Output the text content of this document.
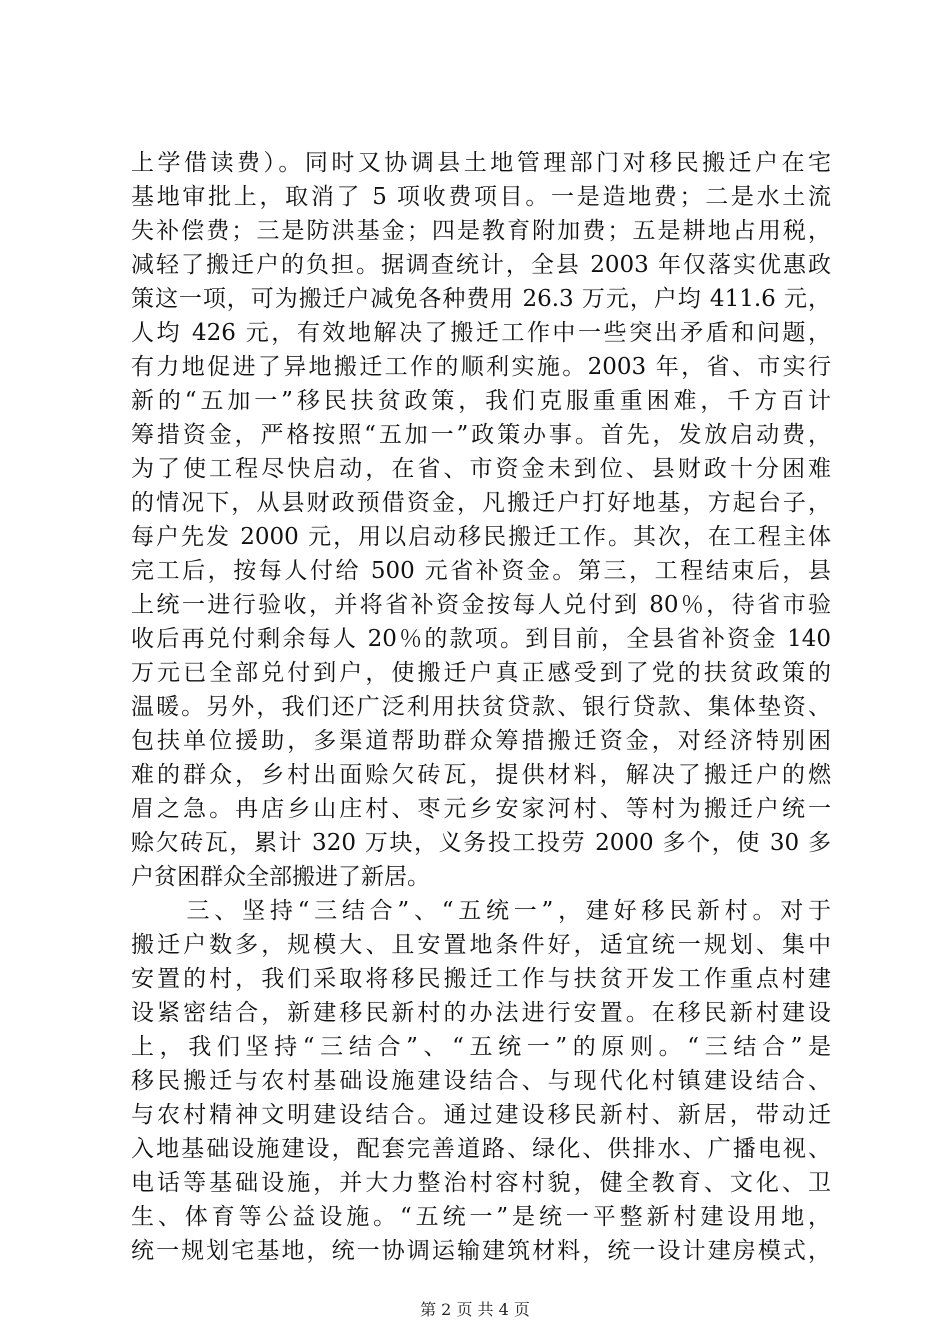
上学借读费）。同时又协调县土地管理部门对移民搬迁户在宅
基地审批上，取消了 5 项收费项目。一是造地费；二是水土流
失补偿费；三是防洪基金；四是教育附加费；五是耕地占用税，
减轻了搬迁户的负担。据调查统计，全县 2003 年仅落实优惠政
策这一项，可为搬迁户减免各种费用 26.3 万元，户均 411.6 元，
人均 426 元，有效地解决了搬迁工作中一些突出矛盾和问题，
有力地促进了异地搬迁工作的顺利实施。2003 年，省、市实行
新的“五加一”移民扶贫政策，我们克服重重困难，千方百计
筹措资金，严格按照“五加一”政策办事。首先，发放启动费，
为了使工程尽快启动，在省、市资金未到位、县财政十分困难
的情况下，从县财政预借资金，凡搬迁户打好地基，方起台子，
每户先发 2000 元，用以启动移民搬迁工作。其次，在工程主体
完工后，按每人付给 500 元省补资金。第三，工程结束后，县
上统一进行验收，并将省补资金按每人兑付到 80％，待省市验
收后再兑付剩余每人 20％的款项。到目前，全县省补资金 140
万元已全部兑付到户，使搬迁户真正感受到了党的扶贫政策的
温暖。另外，我们还广泛利用扶贫贷款、银行贷款、集体垫资、
包扶单位援助，多渠道帮助群众筹措搬迁资金，对经济特别困
难的群众，乡村出面赊欠砖瓦，提供材料，解决了搬迁户的燃
眉之急。冉店乡山庄村、枣元乡安家河村、等村为搬迁户统一
赊欠砖瓦，累计 320 万块，义务投工投劳 2000 多个，使 30 多
户贫困群众全部搬进了新居。
　　三、坚持“三结合”、“五统一”，建好移民新村。对于
搬迁户数多，规模大、且安置地条件好，适宜统一规划、集中
安置的村，我们采取将移民搬迁工作与扶贫开发工作重点村建
设紧密结合，新建移民新村的办法进行安置。在移民新村建设
上，我们坚持“三结合”、“五统一”的原则。“三结合”是
移民搬迁与农村基础设施建设结合、与现代化村镇建设结合、
与农村精神文明建设结合。通过建设移民新村、新居，带动迁
入地基础设施建设，配套完善道路、绿化、供排水、广播电视、
电话等基础设施，并大力整治村容村貌，健全教育、文化、卫
生、体育等公益设施。“五统一”是统一平整新村建设用地，
统一规划宅基地，统一协调运输建筑材料，统一设计建房模式，
第 2 页 共 4 页
